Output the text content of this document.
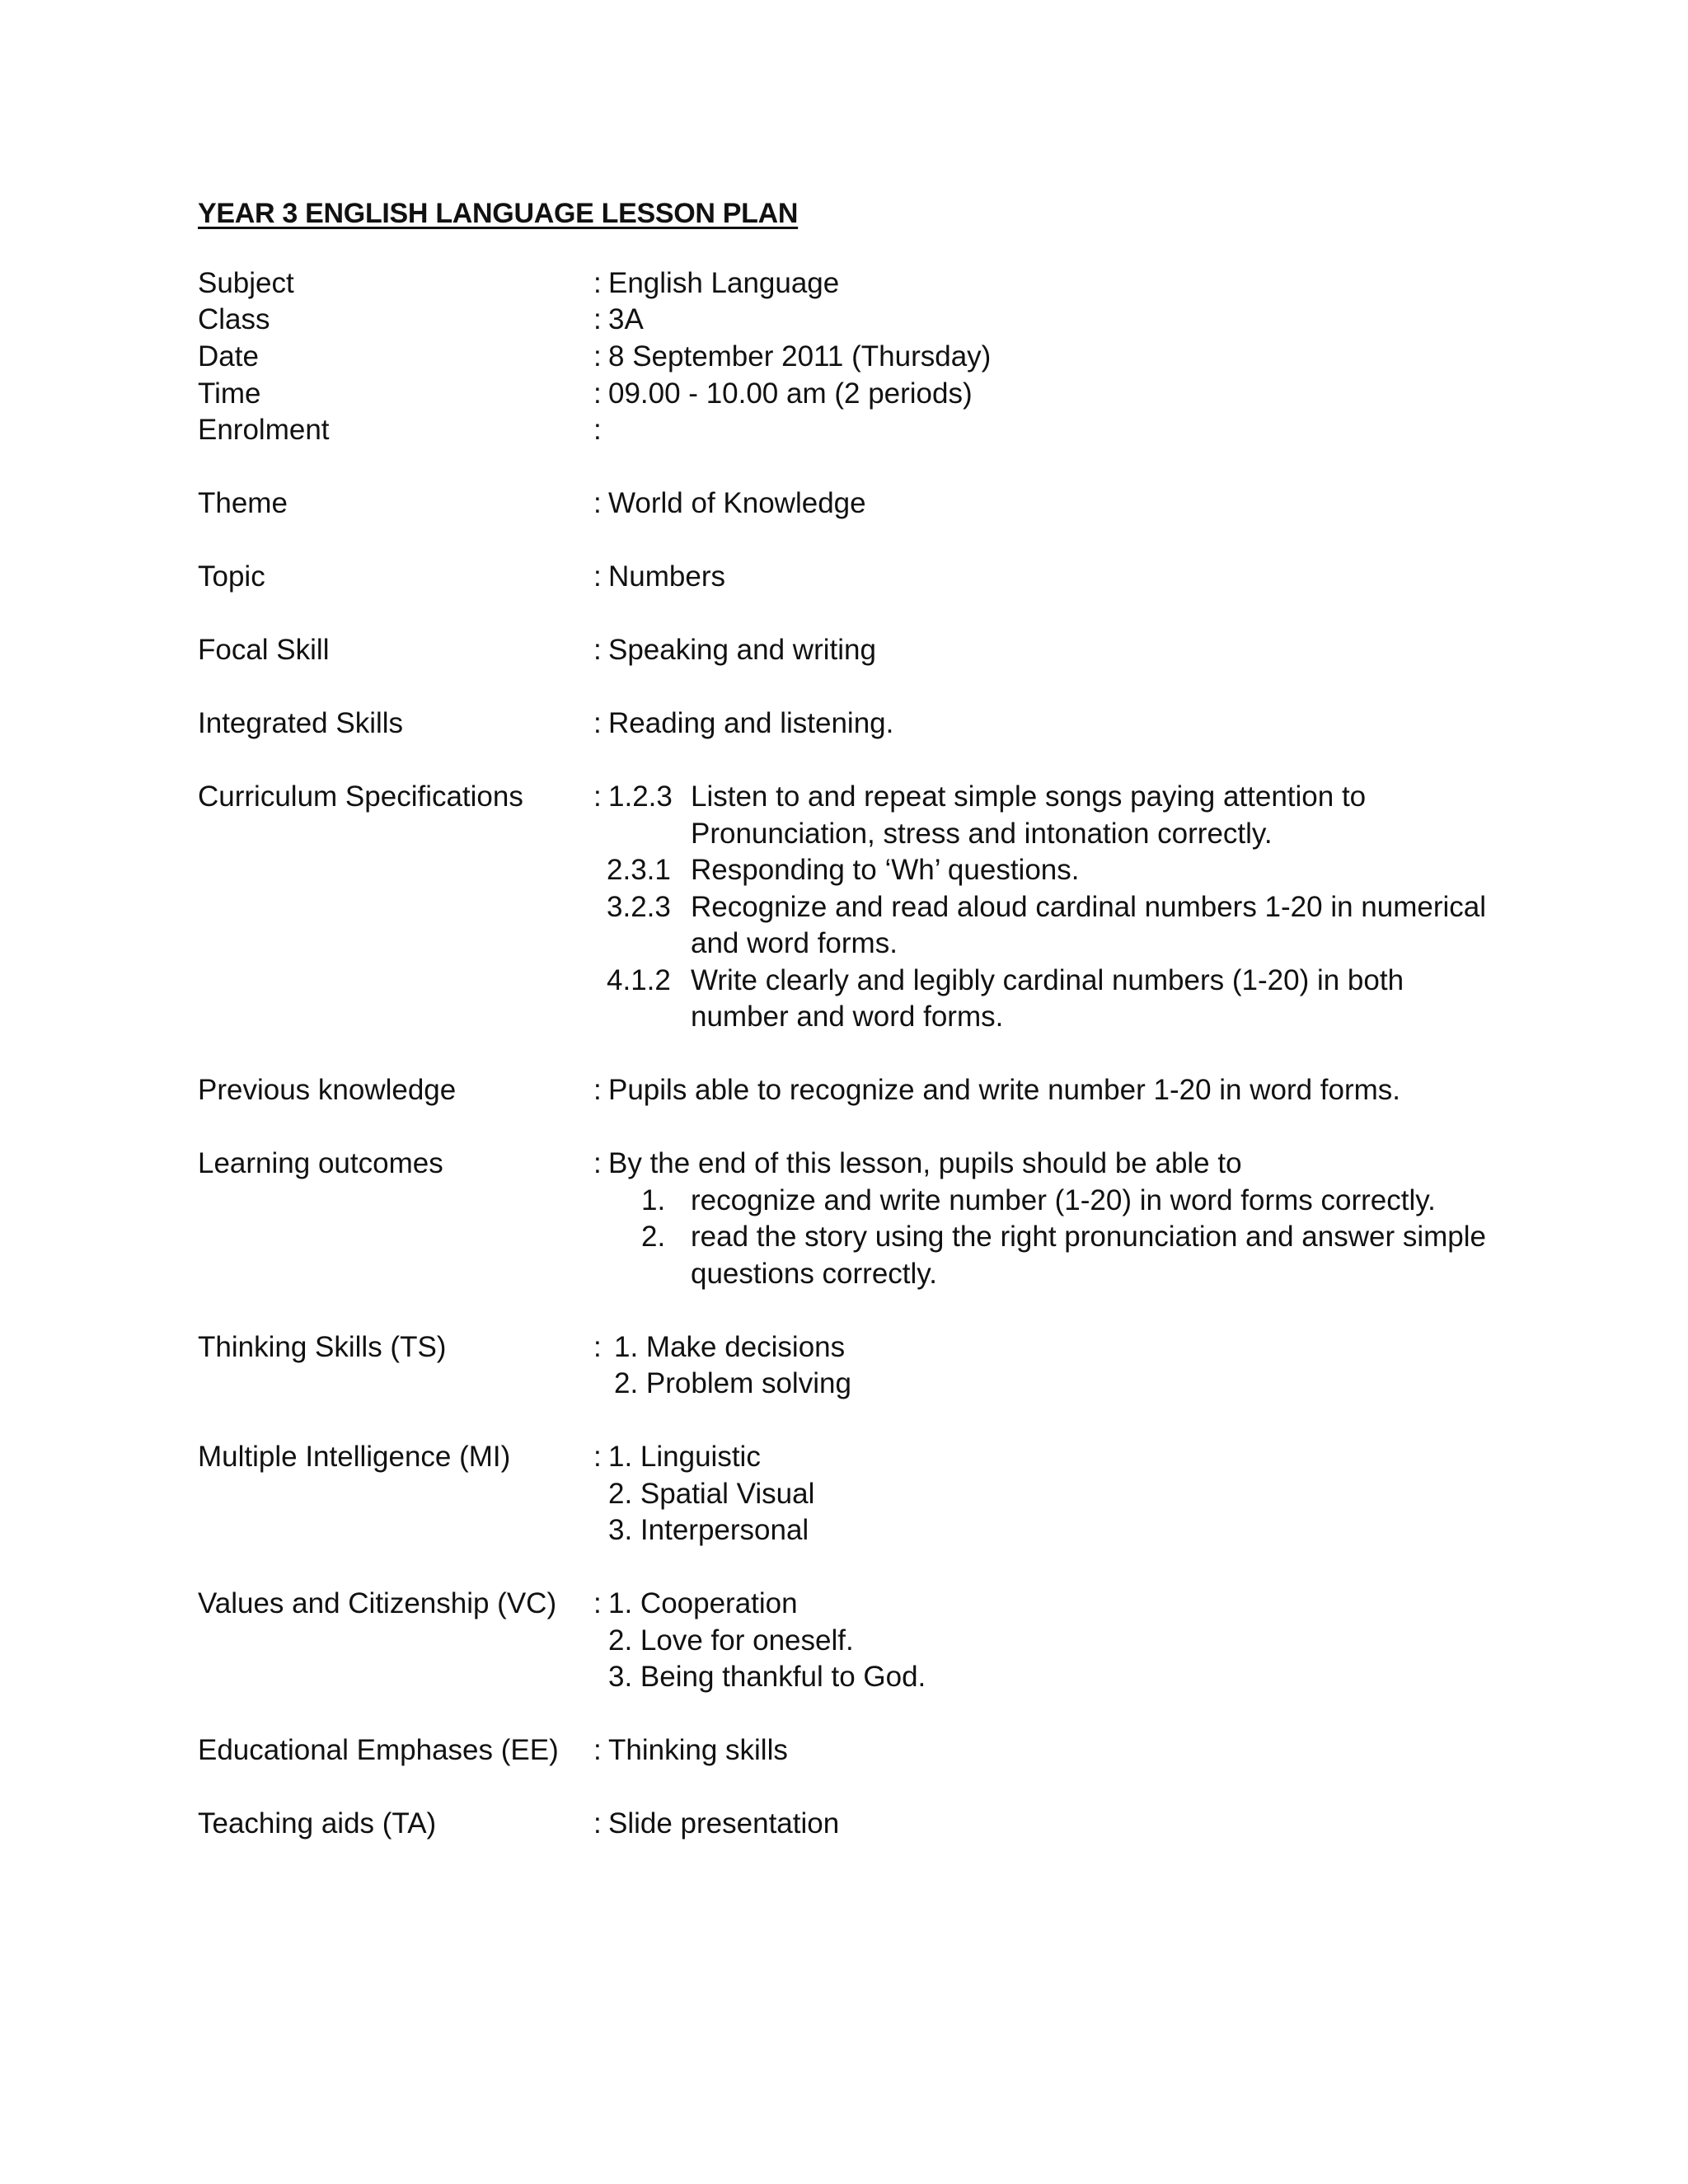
YEAR 3 ENGLISH LANGUAGE LESSON PLAN
Subject	: English Language
Class	: 3A
Date	: 8 September 2011 (Thursday)
Time	: 09.00 - 10.00 am (2 periods)
Enrolment	:
Theme	: World of Knowledge
Topic	: Numbers
Focal Skill	: Speaking and writing
Integrated Skills	: Reading and listening.
Curriculum Specifications : 1.2.3 Listen to and repeat simple songs paying attention to
Pronunciation, stress and intonation correctly.
2.3.1 Responding to ‘Wh’ questions.
3.2.3 Recognize and read aloud cardinal numbers 1-20 in numerical
and word forms.
4.1.2 Write clearly and legibly cardinal numbers (1-20) in both
number and word forms.
Previous knowledge	: Pupils able to recognize and write number 1-20 in word forms.
Learning outcomes	: By the end of this lesson, pupils should be able to
1. recognize and write number (1-20) in word forms correctly.
2. read the story using the right pronunciation and answer simple
questions correctly.
Thinking Skills (TS)	: 1. Make decisions
2. Problem solving
Multiple Intelligence (MI)	: 1. Linguistic
2. Spatial Visual
3. Interpersonal
Values and Citizenship (VC) : 1. Cooperation
2. Love for oneself.
3. Being thankful to God.
Educational Emphases (EE) : Thinking skills
Teaching aids (TA)	: Slide presentation
